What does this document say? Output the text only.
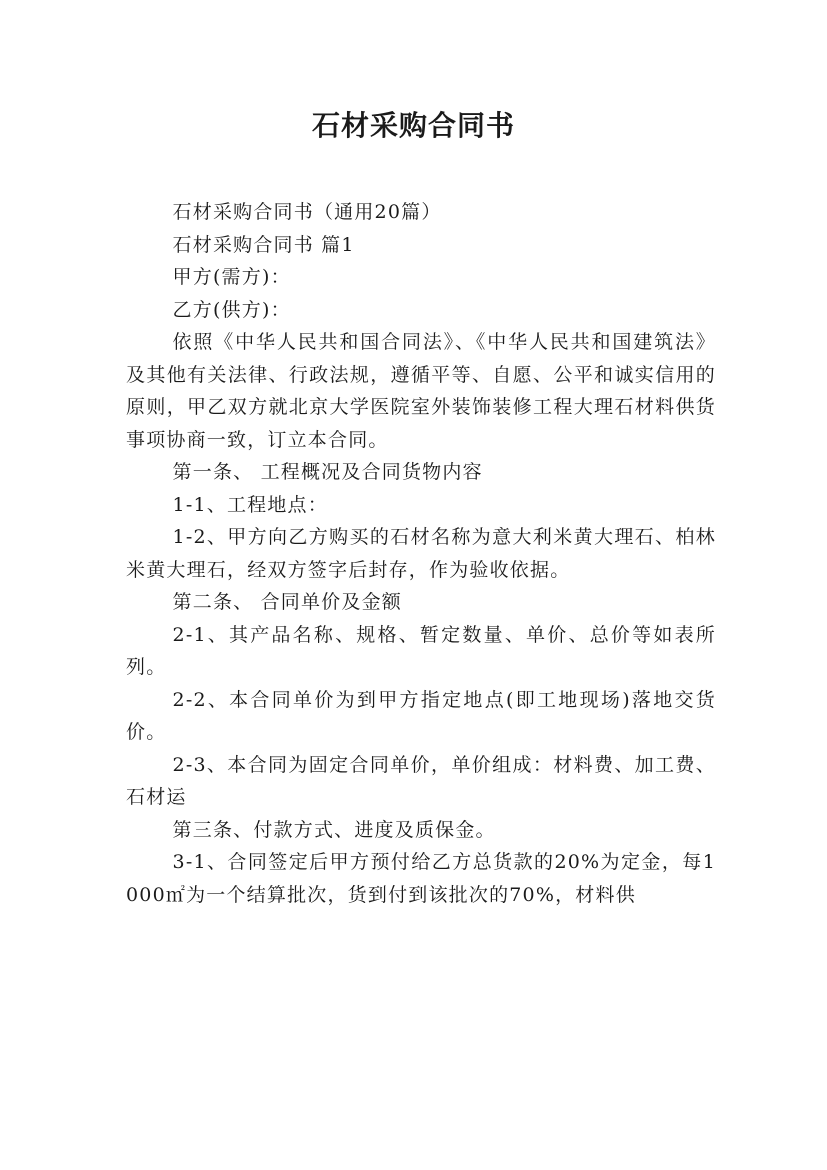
石材采购合同书

石材采购合同书（通用20篇）

石材采购合同书 篇1

甲方(需方)：

乙方(供方)：

依照《中华人民共和国合同法》、《中华人民共和国建筑法》及其他有关法律、行政法规，遵循平等、自愿、公平和诚实信用的原则，甲乙双方就北京大学医院室外装饰装修工程大理石材料供货事项协商一致，订立本合同。

第一条、 工程概况及合同货物内容

1-1、工程地点：

1-2、甲方向乙方购买的石材名称为意大利米黄大理石、柏林米黄大理石，经双方签字后封存，作为验收依据。

第二条、 合同单价及金额

2-1、其产品名称、规格、暂定数量、单价、总价等如表所列。

2-2、本合同单价为到甲方指定地点(即工地现场)落地交货价。

2-3、本合同为固定合同单价，单价组成：材料费、加工费、石材运

第三条、付款方式、进度及质保金。

3-1、合同签定后甲方预付给乙方总货款的20%为定金，每1000㎡为一个结算批次，货到付到该批次的70%，材料供
